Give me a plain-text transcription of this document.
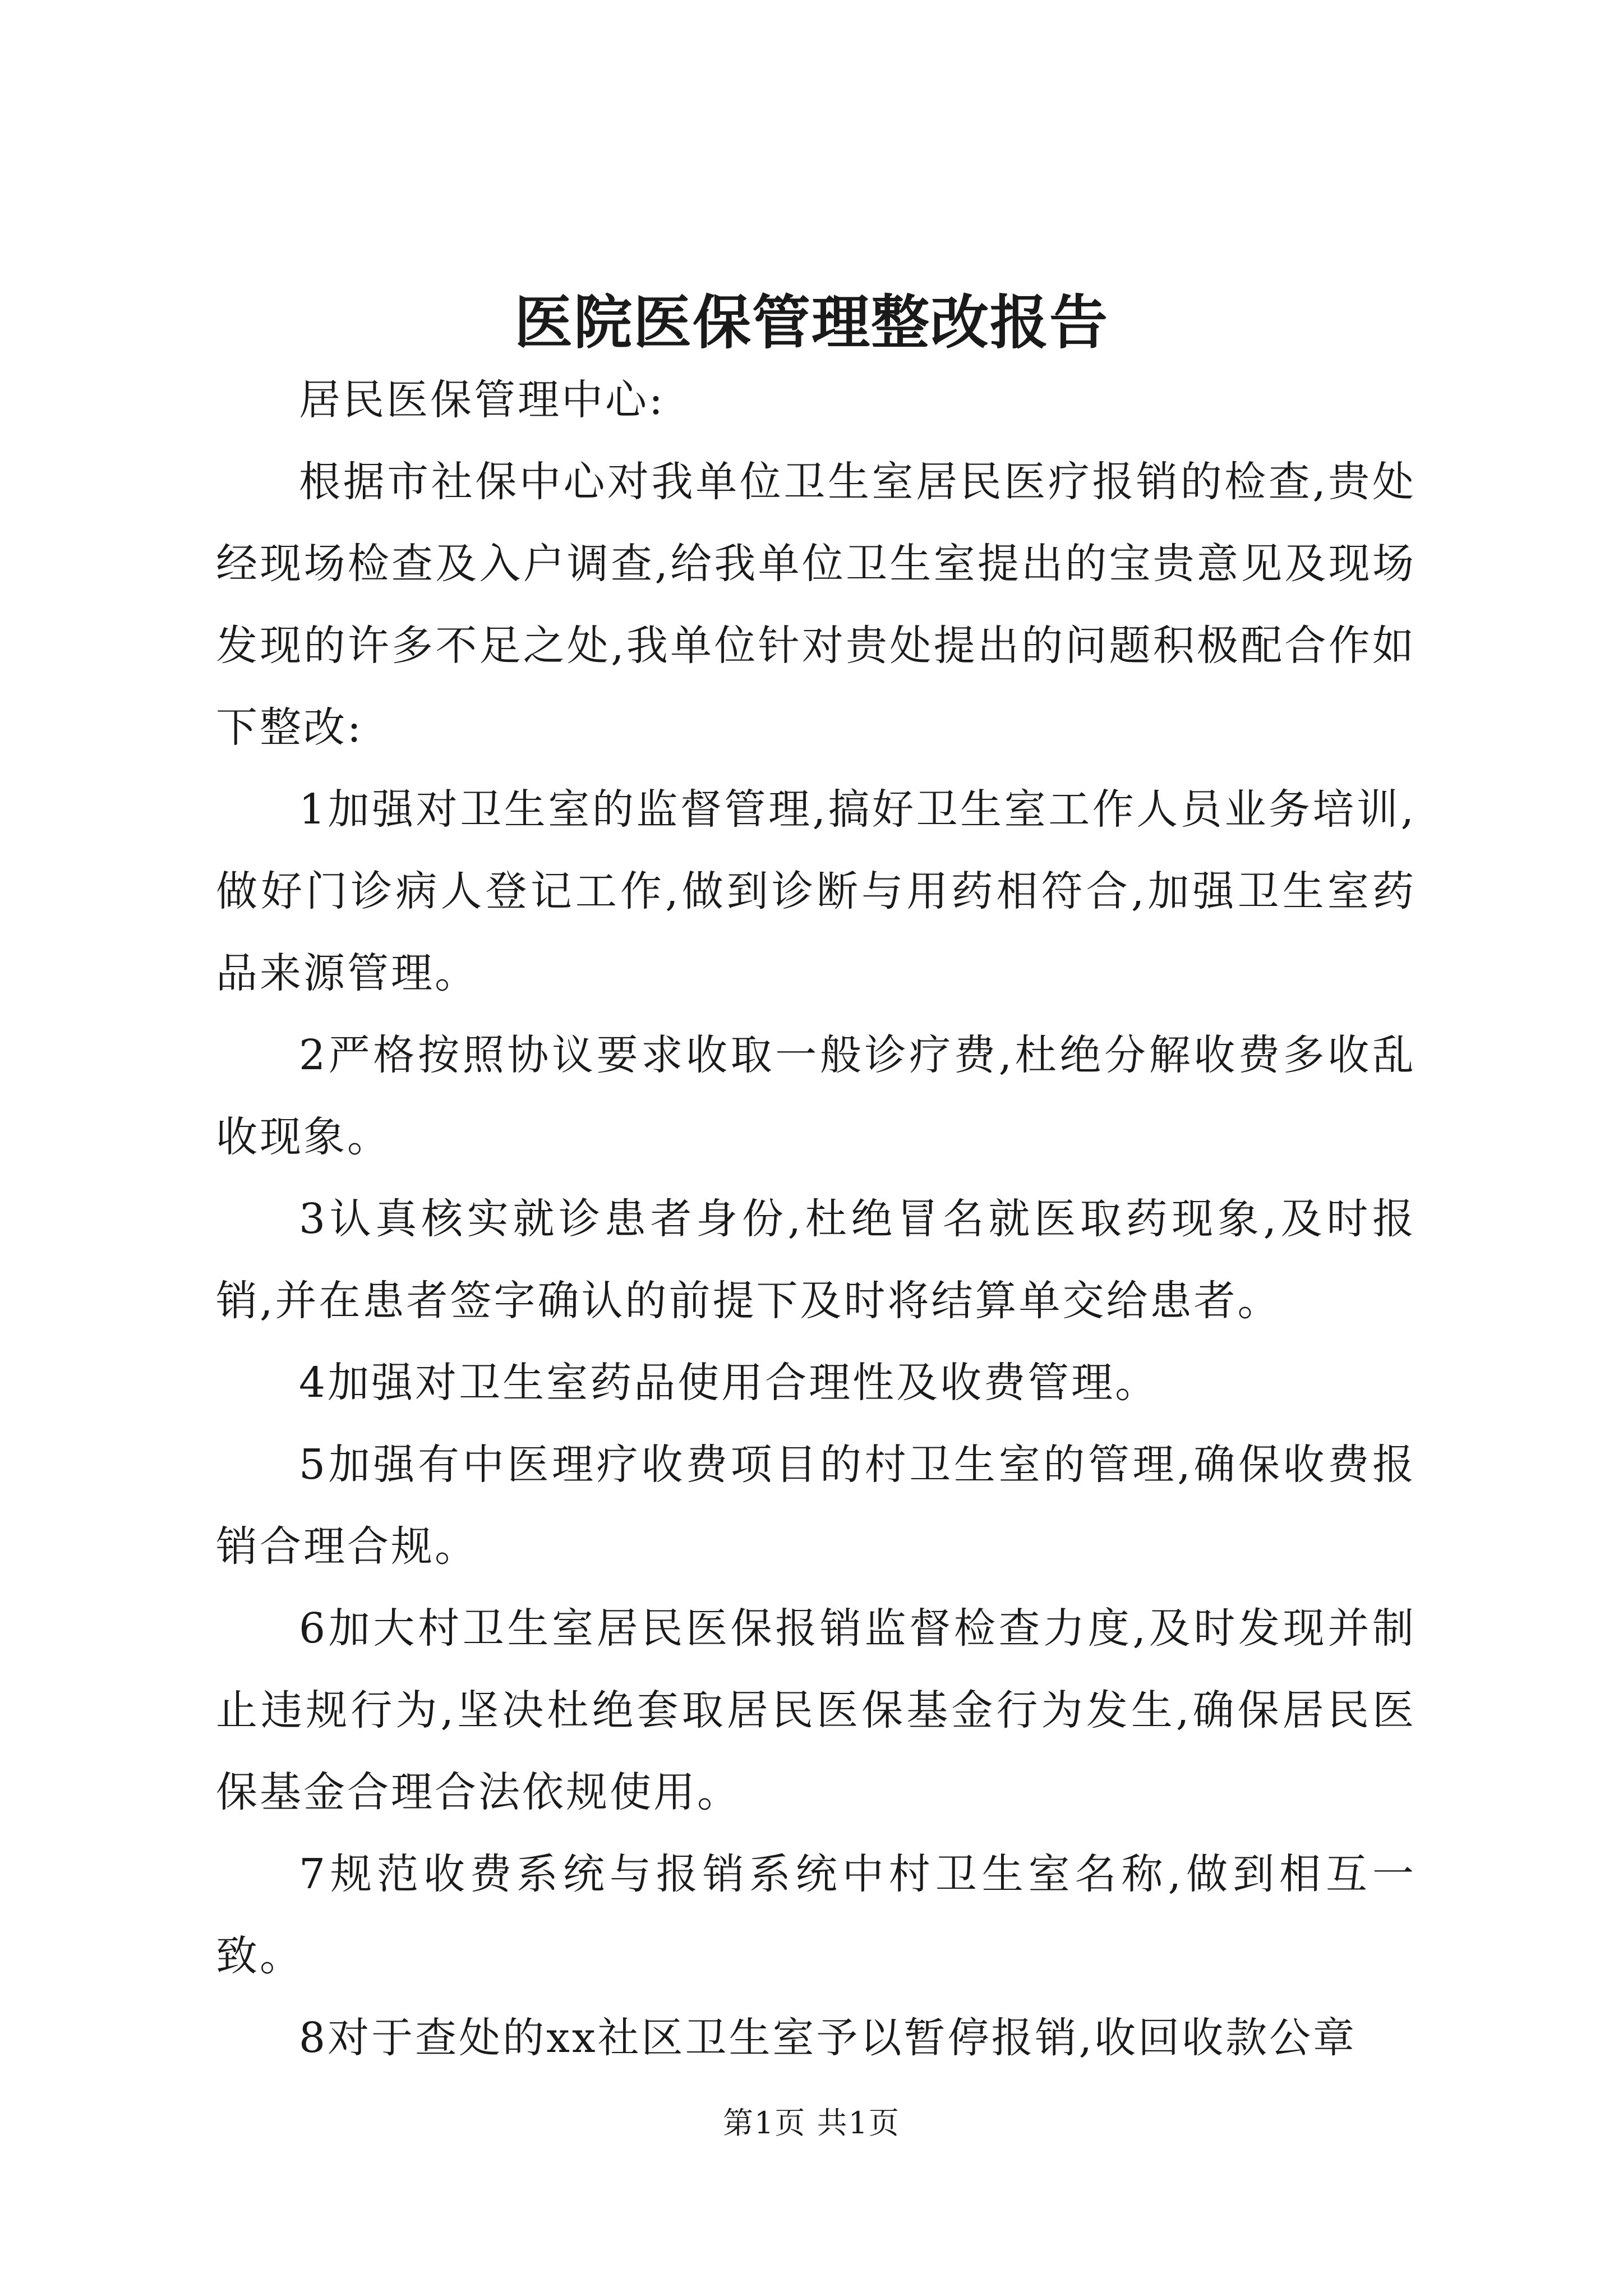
医院医保管理整改报告

居民医保管理中心:

根据市社保中心对我单位卫生室居民医疗报销的检查,贵处经现场检查及入户调查,给我单位卫生室提出的宝贵意见及现场发现的许多不足之处,我单位针对贵处提出的问题积极配合作如下整改:

1加强对卫生室的监督管理,搞好卫生室工作人员业务培训,做好门诊病人登记工作,做到诊断与用药相符合,加强卫生室药品来源管理。

2严格按照协议要求收取一般诊疗费,杜绝分解收费多收乱收现象。

3认真核实就诊患者身份,杜绝冒名就医取药现象,及时报销,并在患者签字确认的前提下及时将结算单交给患者。

4加强对卫生室药品使用合理性及收费管理。

5加强有中医理疗收费项目的村卫生室的管理,确保收费报销合理合规。

6加大村卫生室居民医保报销监督检查力度,及时发现并制止违规行为,坚决杜绝套取居民医保基金行为发生,确保居民医保基金合理合法依规使用。

7规范收费系统与报销系统中村卫生室名称,做到相互一致。

8对于查处的xx社区卫生室予以暂停报销,收回收款公章

第1页 共1页
